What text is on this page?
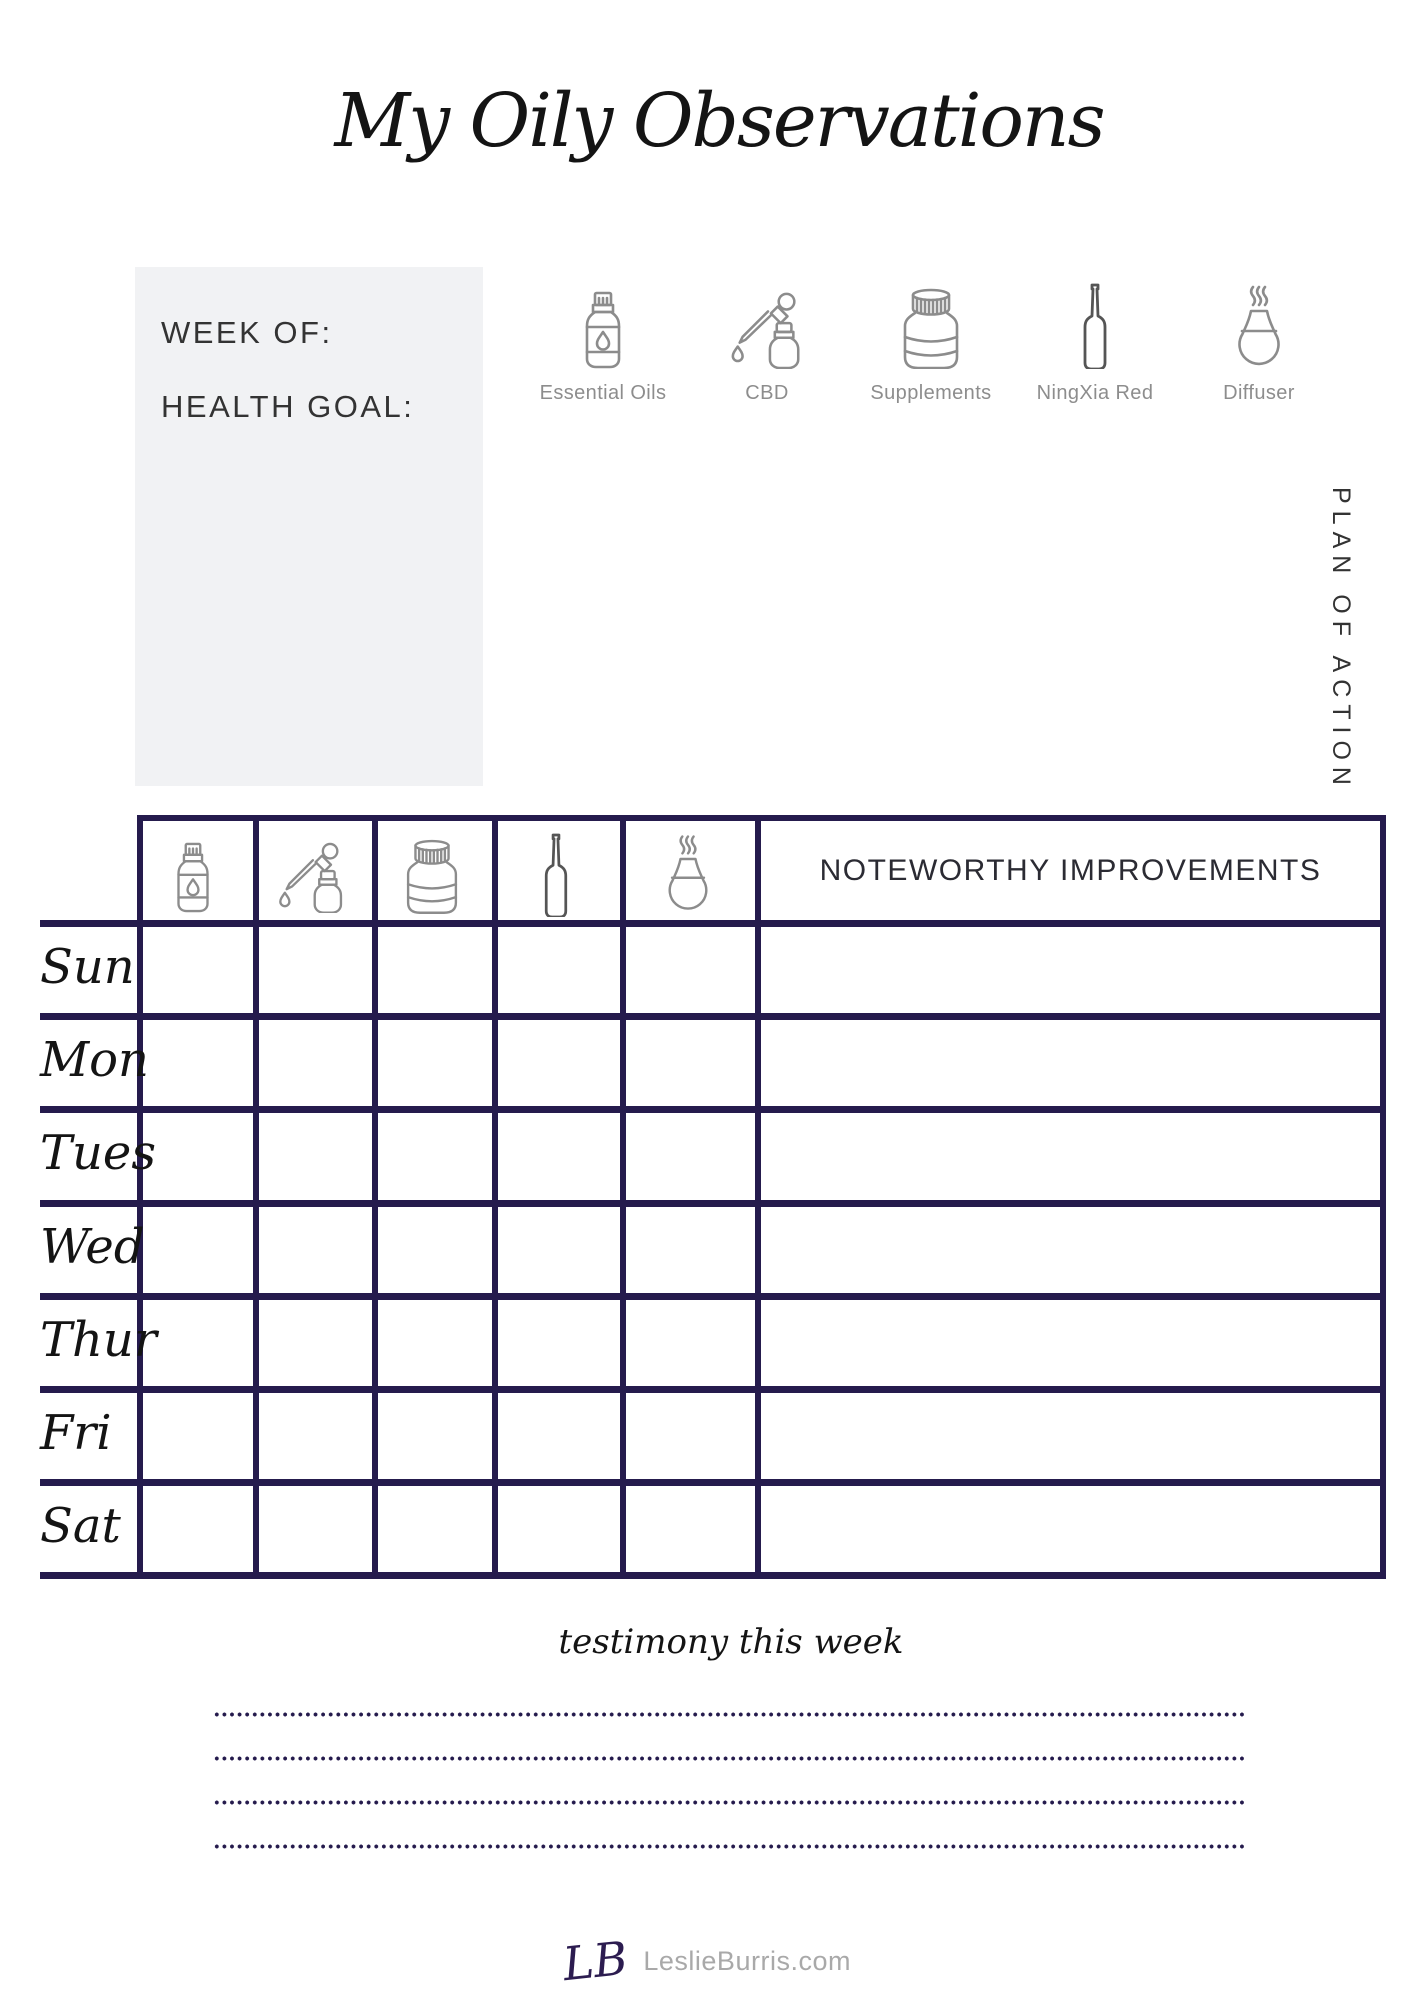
My Oily Observations
WEEK OF:
HEALTH GOAL:	Essential Oils	CBD	Supplements NingXia Red	Diffuser
PLAN OF ACTION
NOTEWORTHY IMPROVEMENTS
Sun
Mon
Tues
Wed
Thur
Fri
Sat
testimony this week
LB LeslieBurris.com
